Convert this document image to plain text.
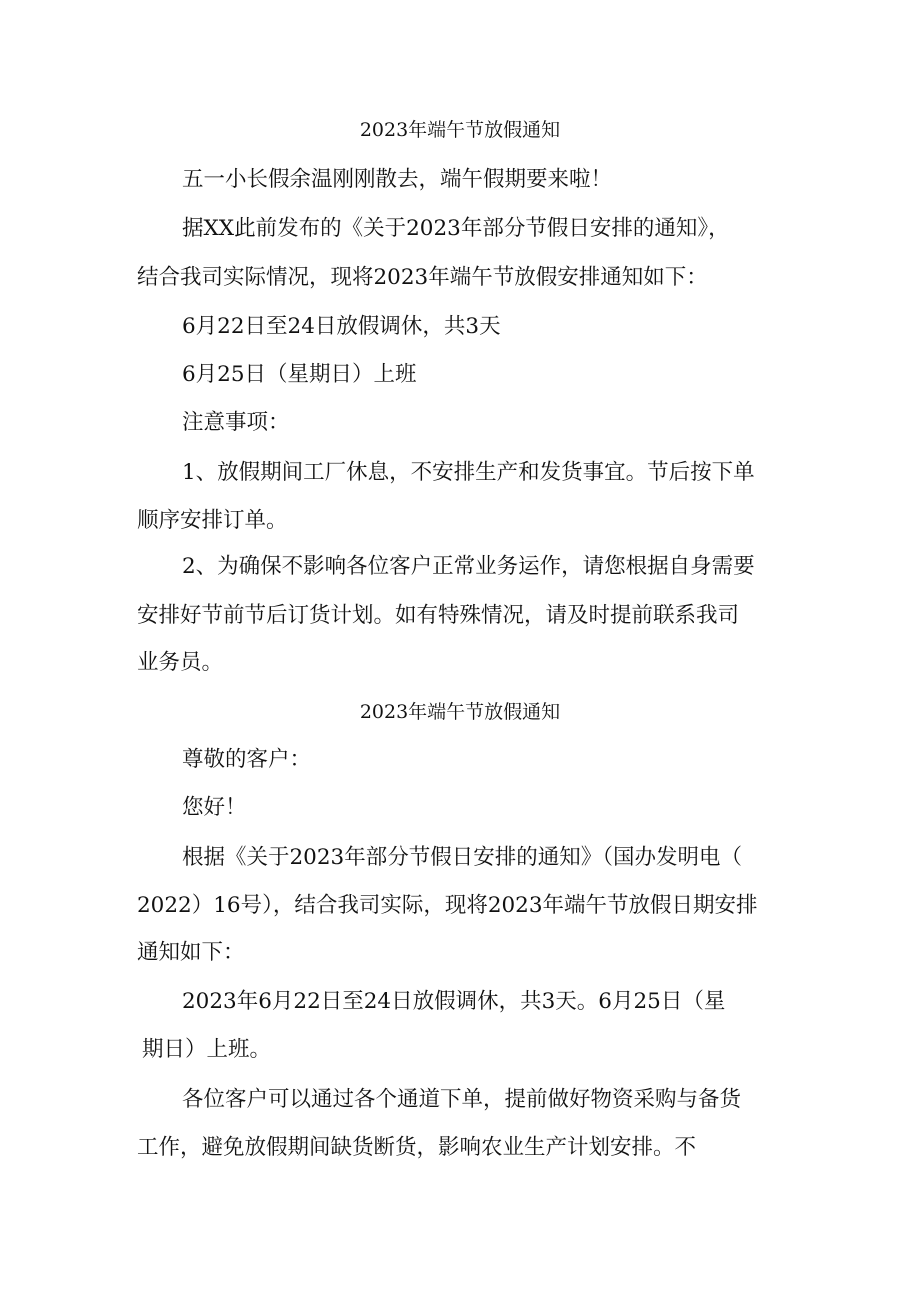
2023年端午节放假通知
五一小长假余温刚刚散去，端午假期要来啦！
据XX此前发布的《关于2023年部分节假日安排的通知》，
结合我司实际情况，现将2023年端午节放假安排通知如下：
6月22日至24日放假调休，共3天
6月25日（星期日）上班
注意事项：
1、放假期间工厂休息，不安排生产和发货事宜。节后按下单
顺序安排订单。
2、为确保不影响各位客户正常业务运作，请您根据自身需要
安排好节前节后订货计划。如有特殊情况，请及时提前联系我司
业务员。
2023年端午节放假通知
尊敬的客户：
您好！
根据《关于2023年部分节假日安排的通知》（国办发明电（
2022）16号），结合我司实际，现将2023年端午节放假日期安排
通知如下：
2023年6月22日至24日放假调休，共3天。6月25日（星
期日）上班。
各位客户可以通过各个通道下单，提前做好物资采购与备货
工作，避免放假期间缺货断货，影响农业生产计划安排。不
